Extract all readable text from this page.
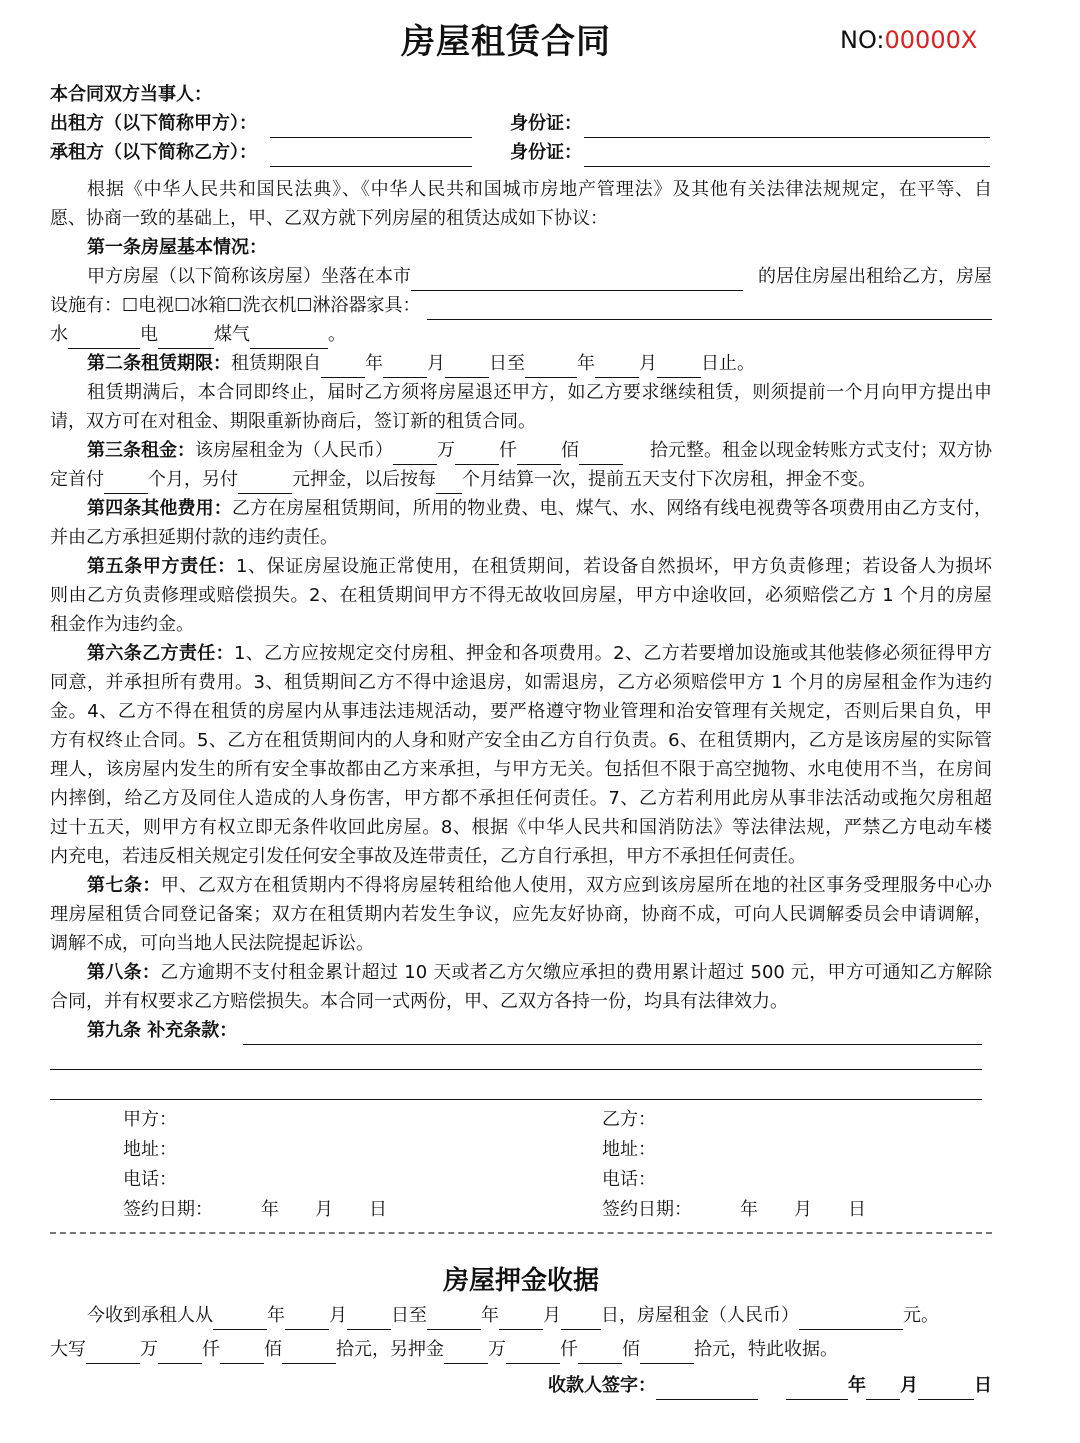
房屋租赁合同	NO:00000X
本合同双方当事人：
出租方（以下简称甲方）：	身份证：
承租方（以下简称乙方）：	身份证：
根据《中华人民共和国民法典》、《中华人民共和国城市房地产管理法》及其他有关法律法规规定，在平等、自
愿、协商一致的基础上，甲、乙双方就下列房屋的租赁达成如下协议：
第一条房屋基本情况：
甲方房屋（以下简称该房屋）坐落在本市	的居住房屋出租给乙方，房屋
设施有：☐电视☐冰箱☐洗衣机☐淋浴器家具：
水	电	煤气	。
第二条租赁期限： 租赁期限自 年 月 日至	年 月 日止。
租赁期满后，本合同即终止，届时乙方须将房屋退还甲方，如乙方要求继续租赁，则须提前一个月向甲方提出申
请，双方可在对租金、期限重新协商后，签订新的租赁合同。
第三条租金： 该房屋租金为（人民币） 万 仟 佰	拾元整。租金以现金转账方式支付；双方协
定首付 个月，另付	元押金，以后按每 个月结算一次，提前五天支付下次房租，押金不变。
第四条其他费用：乙方在房屋租赁期间，所用的物业费、电、煤气、水、网络有线电视费等各项费用由乙方支付，
并由乙方承担延期付款的违约责任。
第五条甲方责任：1、保证房屋设施正常使用，在租赁期间，若设备自然损坏，甲方负责修理；若设备人为损坏
则由乙方负责修理或赔偿损失。2、在租赁期间甲方不得无故收回房屋，甲方中途收回，必须赔偿乙方 1 个月的房屋
租金作为违约金。
第六条乙方责任：1、乙方应按规定交付房租、押金和各项费用。2、乙方若要增加设施或其他装修必须征得甲方
同意，并承担所有费用。3、租赁期间乙方不得中途退房，如需退房，乙方必须赔偿甲方 1 个月的房屋租金作为违约
金。4、乙方不得在租赁的房屋内从事违法违规活动，要严格遵守物业管理和治安管理有关规定，否则后果自负，甲
方有权终止合同。5、乙方在租赁期间内的人身和财产安全由乙方自行负责。6、在租赁期内，乙方是该房屋的实际管
理人，该房屋内发生的所有安全事故都由乙方来承担，与甲方无关。包括但不限于高空抛物、水电使用不当，在房间
内摔倒，给乙方及同住人造成的人身伤害，甲方都不承担任何责任。7、乙方若利用此房从事非法活动或拖欠房租超
过十五天，则甲方有权立即无条件收回此房屋。8、根据《中华人民共和国消防法》等法律法规，严禁乙方电动车楼
内充电，若违反相关规定引发任何安全事故及连带责任，乙方自行承担，甲方不承担任何责任。
第七条：甲、乙双方在租赁期内不得将房屋转租给他人使用，双方应到该房屋所在地的社区事务受理服务中心办
理房屋租赁合同登记备案；双方在租赁期内若发生争议，应先友好协商，协商不成，可向人民调解委员会申请调解，
调解不成，可向当地人民法院提起诉讼。
第八条：乙方逾期不支付租金累计超过 10 天或者乙方欠缴应承担的费用累计超过 500 元，甲方可通知乙方解除
合同，并有权要求乙方赔偿损失。本合同一式两份，甲、乙双方各持一份，均具有法律效力。
第九条 补充条款：
甲方：
地址：
电话：
签约日期：	年 月 日
乙方：
地址：
电话：
签约日期：	年 月 日
房屋押金收据
今收到承租人从	年 月 日至	年 月 日，房屋租金（人民币）	元。
大写	万 仟 佰	拾元，另押金 万	仟 佰	拾元，特此收据。
收款人签字：	年 月	日
